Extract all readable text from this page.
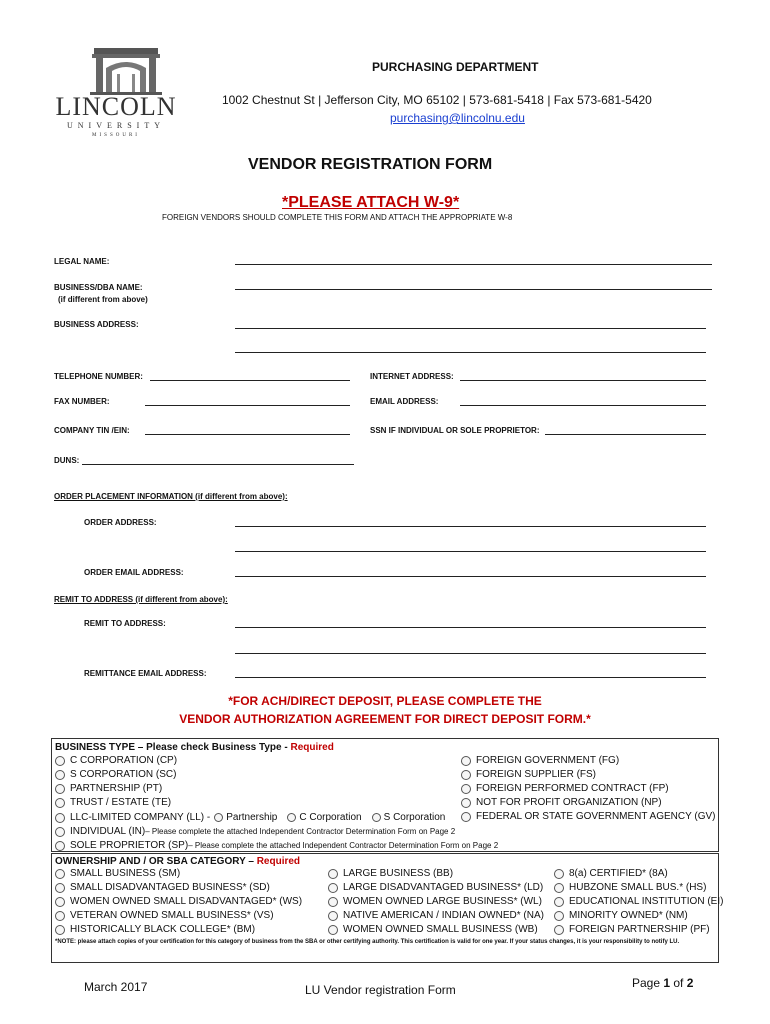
LINCOLN
UNIVERSITY
MISSOURI
PURCHASING DEPARTMENT
1002 Chestnut St | Jefferson City, MO 65102 | 573-681-5418 | Fax 573-681-5420
purchasing@lincolnu.edu
VENDOR REGISTRATION FORM
*PLEASE ATTACH W-9*
FOREIGN VENDORS SHOULD COMPLETE THIS FORM AND ATTACH THE APPROPRIATE W-8
LEGAL NAME:
BUSINESS/DBA NAME:
(if different from above)
BUSINESS ADDRESS:
TELEPHONE NUMBER:	INTERNET ADDRESS:
FAX NUMBER:	EMAIL ADDRESS:
COMPANY TIN /EIN:	SSN IF INDIVIDUAL OR SOLE PROPRIETOR:
DUNS:
ORDER PLACEMENT INFORMATION (if different from above):
ORDER ADDRESS:
ORDER EMAIL ADDRESS:
REMIT TO ADDRESS (if different from above):
REMIT TO ADDRESS:
REMITTANCE EMAIL ADDRESS:
*FOR ACH/DIRECT DEPOSIT, PLEASE COMPLETE THE
VENDOR AUTHORIZATION AGREEMENT FOR DIRECT DEPOSIT FORM.*
BUSINESS TYPE – Please check Business Type - Required
C CORPORATION (CP)
S CORPORATION (SC)
PARTNERSHIP (PT)
TRUST / ESTATE (TE)
FOREIGN GOVERNMENT (FG)
FOREIGN SUPPLIER (FS)
FOREIGN PERFORMED CONTRACT (FP)
NOT FOR PROFIT ORGANIZATION (NP)
FEDERAL OR STATE GOVERNMENT AGENCY (GV)
LLC-LIMITED COMPANY (LL) - Partnership C Corporation S Corporation
INDIVIDUAL (IN) – Please complete the attached Independent Contractor Determination Form on Page 2
SOLE PROPRIETOR (SP) – Please complete the attached Independent Contractor Determination Form on Page 2
OWNERSHIP AND / OR SBA CATEGORY – Required
SMALL BUSINESS (SM)
SMALL DISADVANTAGED BUSINESS* (SD)
WOMEN OWNED SMALL DISADVANTAGED* (WS)
VETERAN OWNED SMALL BUSINESS* (VS)
HISTORICALLY BLACK COLLEGE* (BM)
LARGE BUSINESS (BB)
LARGE DISADVANTAGED BUSINESS* (LD)
WOMEN OWNED LARGE BUSINESS* (WL)
NATIVE AMERICAN / INDIAN OWNED* (NA)
WOMEN OWNED SMALL BUSINESS (WB)
8(a) CERTIFIED* (8A)
HUBZONE SMALL BUS.* (HS)
EDUCATIONAL INSTITUTION (EI)
MINORITY OWNED* (NM)
FOREIGN PARTNERSHIP (PF)
*NOTE: please attach copies of your certification for this category of business from the SBA or other certifying authority. This certification is valid for one year. If your status changes, it is your responsibility to notify LU.
March 2017	LU Vendor registration Form	Page 1 of 2
